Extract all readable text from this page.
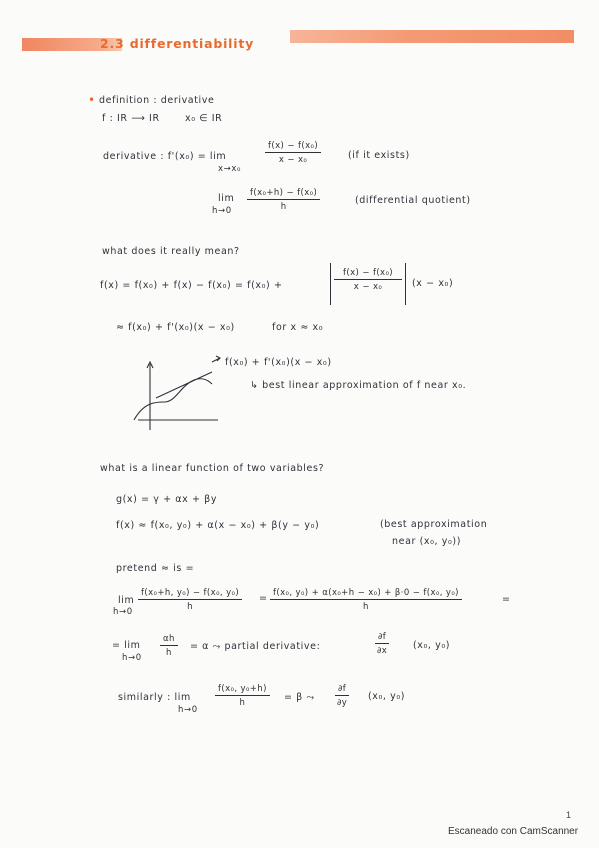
2.3 differentiability
• definition : derivative
f : IR ⟶ IR	x₀ ∈ IR
derivative : f'(x₀) = lim
x→x₀
$\frac{\text{f(x) − f(x₀)}}{\text{x − x₀}}$	(if it exists)
lim
$h\to 0 \frac{\text{f(x₀+h) − f(x₀)}}{h}$	(differential quotient)
what does it really mean?
f(x) = f(x₀) + f(x) − f(x₀) = f(x₀) +	$\frac{\text{f(x) − f(x₀)}}{\text{x − x₀}} (x - x_0)$
≈ f(x₀) + f'(x₀)(x − x₀)	for x ≈ x₀
f(x₀) + f'(x₀)(x − x₀)
↳ best linear approximation of f near x₀.
what is a linear function of two variables?
g(x) = γ + αx + βy
f(x) ≈ f(x₀, y₀) + α(x − x₀) + β(y − y₀)	(best approximation
near (x₀, y₀))
pretend ≈ is =
lim
$h\to 0 \frac{\text{f(x₀+h, y₀) − f(x₀, y₀)}}{h} = \frac{\text{f(x₀, y₀) + α(x₀+h − x₀) + β·0 − f(x₀, y₀)}}{h}$	=
= lim
$h\to 0 \frac{\alpha h}{h} = \alpha$ ⤳ partial derivative:	$\frac{\partial f}{\partial x}$	(x₀, y₀)
similarly : lim
h→0
$\frac{\text{f(x₀, y₀+h)}}{h} = \beta$ ⤳ $\frac{\partial f}{\partial y} (x_0$, y₀)
1
Escaneado con CamScanner
